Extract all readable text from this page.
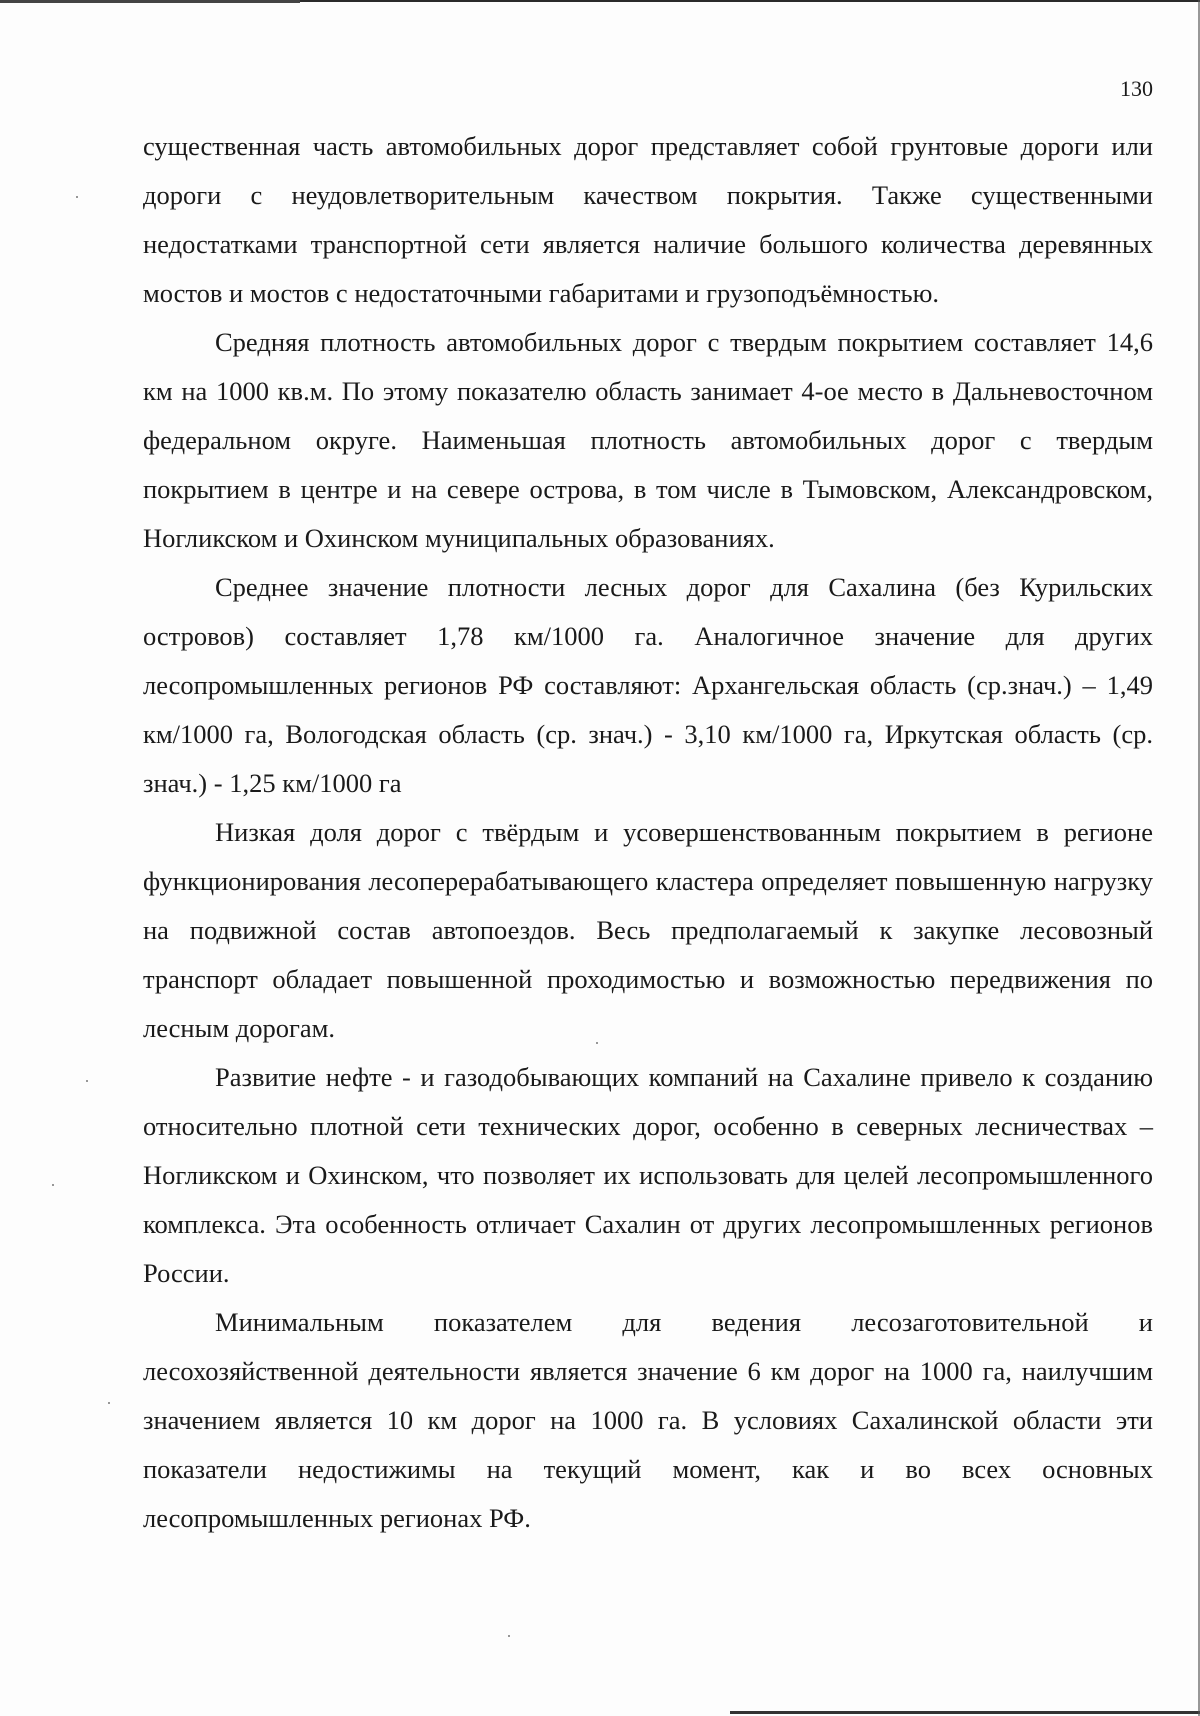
130

существенная часть автомобильных дорог представляет собой грунтовые дороги или дороги с неудовлетворительным качеством покрытия. Также существенными недостатками транспортной сети является наличие большого количества деревянных мостов и мостов с недостаточными габаритами и грузоподъёмностью.

Средняя плотность автомобильных дорог с твердым покрытием составляет 14,6 км на 1000 кв.м. По этому показателю область занимает 4-ое место в Дальневосточном федеральном округе. Наименьшая плотность автомобильных дорог с твердым покрытием в центре и на севере острова, в том числе в Тымовском, Александровском, Ногликском и Охинском муниципальных образованиях.

Среднее значение плотности лесных дорог для Сахалина (без Курильских островов) составляет 1,78 км/1000 га. Аналогичное значение для других лесопромышленных регионов РФ составляют: Архангельская область (ср.знач.) – 1,49 км/1000 га, Вологодская область (ср. знач.) - 3,10 км/1000 га, Иркутская область (ср. знач.) - 1,25 км/1000 га

Низкая доля дорог с твёрдым и усовершенствованным покрытием в регионе функционирования лесоперерабатывающего кластера определяет повышенную нагрузку на подвижной состав автопоездов. Весь предполагаемый к закупке лесовозный транспорт обладает повышенной проходимостью и возможностью передвижения по лесным дорогам.

Развитие нефте - и газодобывающих компаний на Сахалине привело к созданию относительно плотной сети технических дорог, особенно в северных лесничествах – Ногликском и Охинском, что позволяет их использовать для целей лесопромышленного комплекса. Эта особенность отличает Сахалин от других лесопромышленных регионов России.

Минимальным показателем для ведения лесозаготовительной и лесохозяйственной деятельности является значение 6 км дорог на 1000 га, наилучшим значением является 10 км дорог на 1000 га. В условиях Сахалинской области эти показатели недостижимы на текущий момент, как и во всех основных лесопромышленных регионах РФ.
